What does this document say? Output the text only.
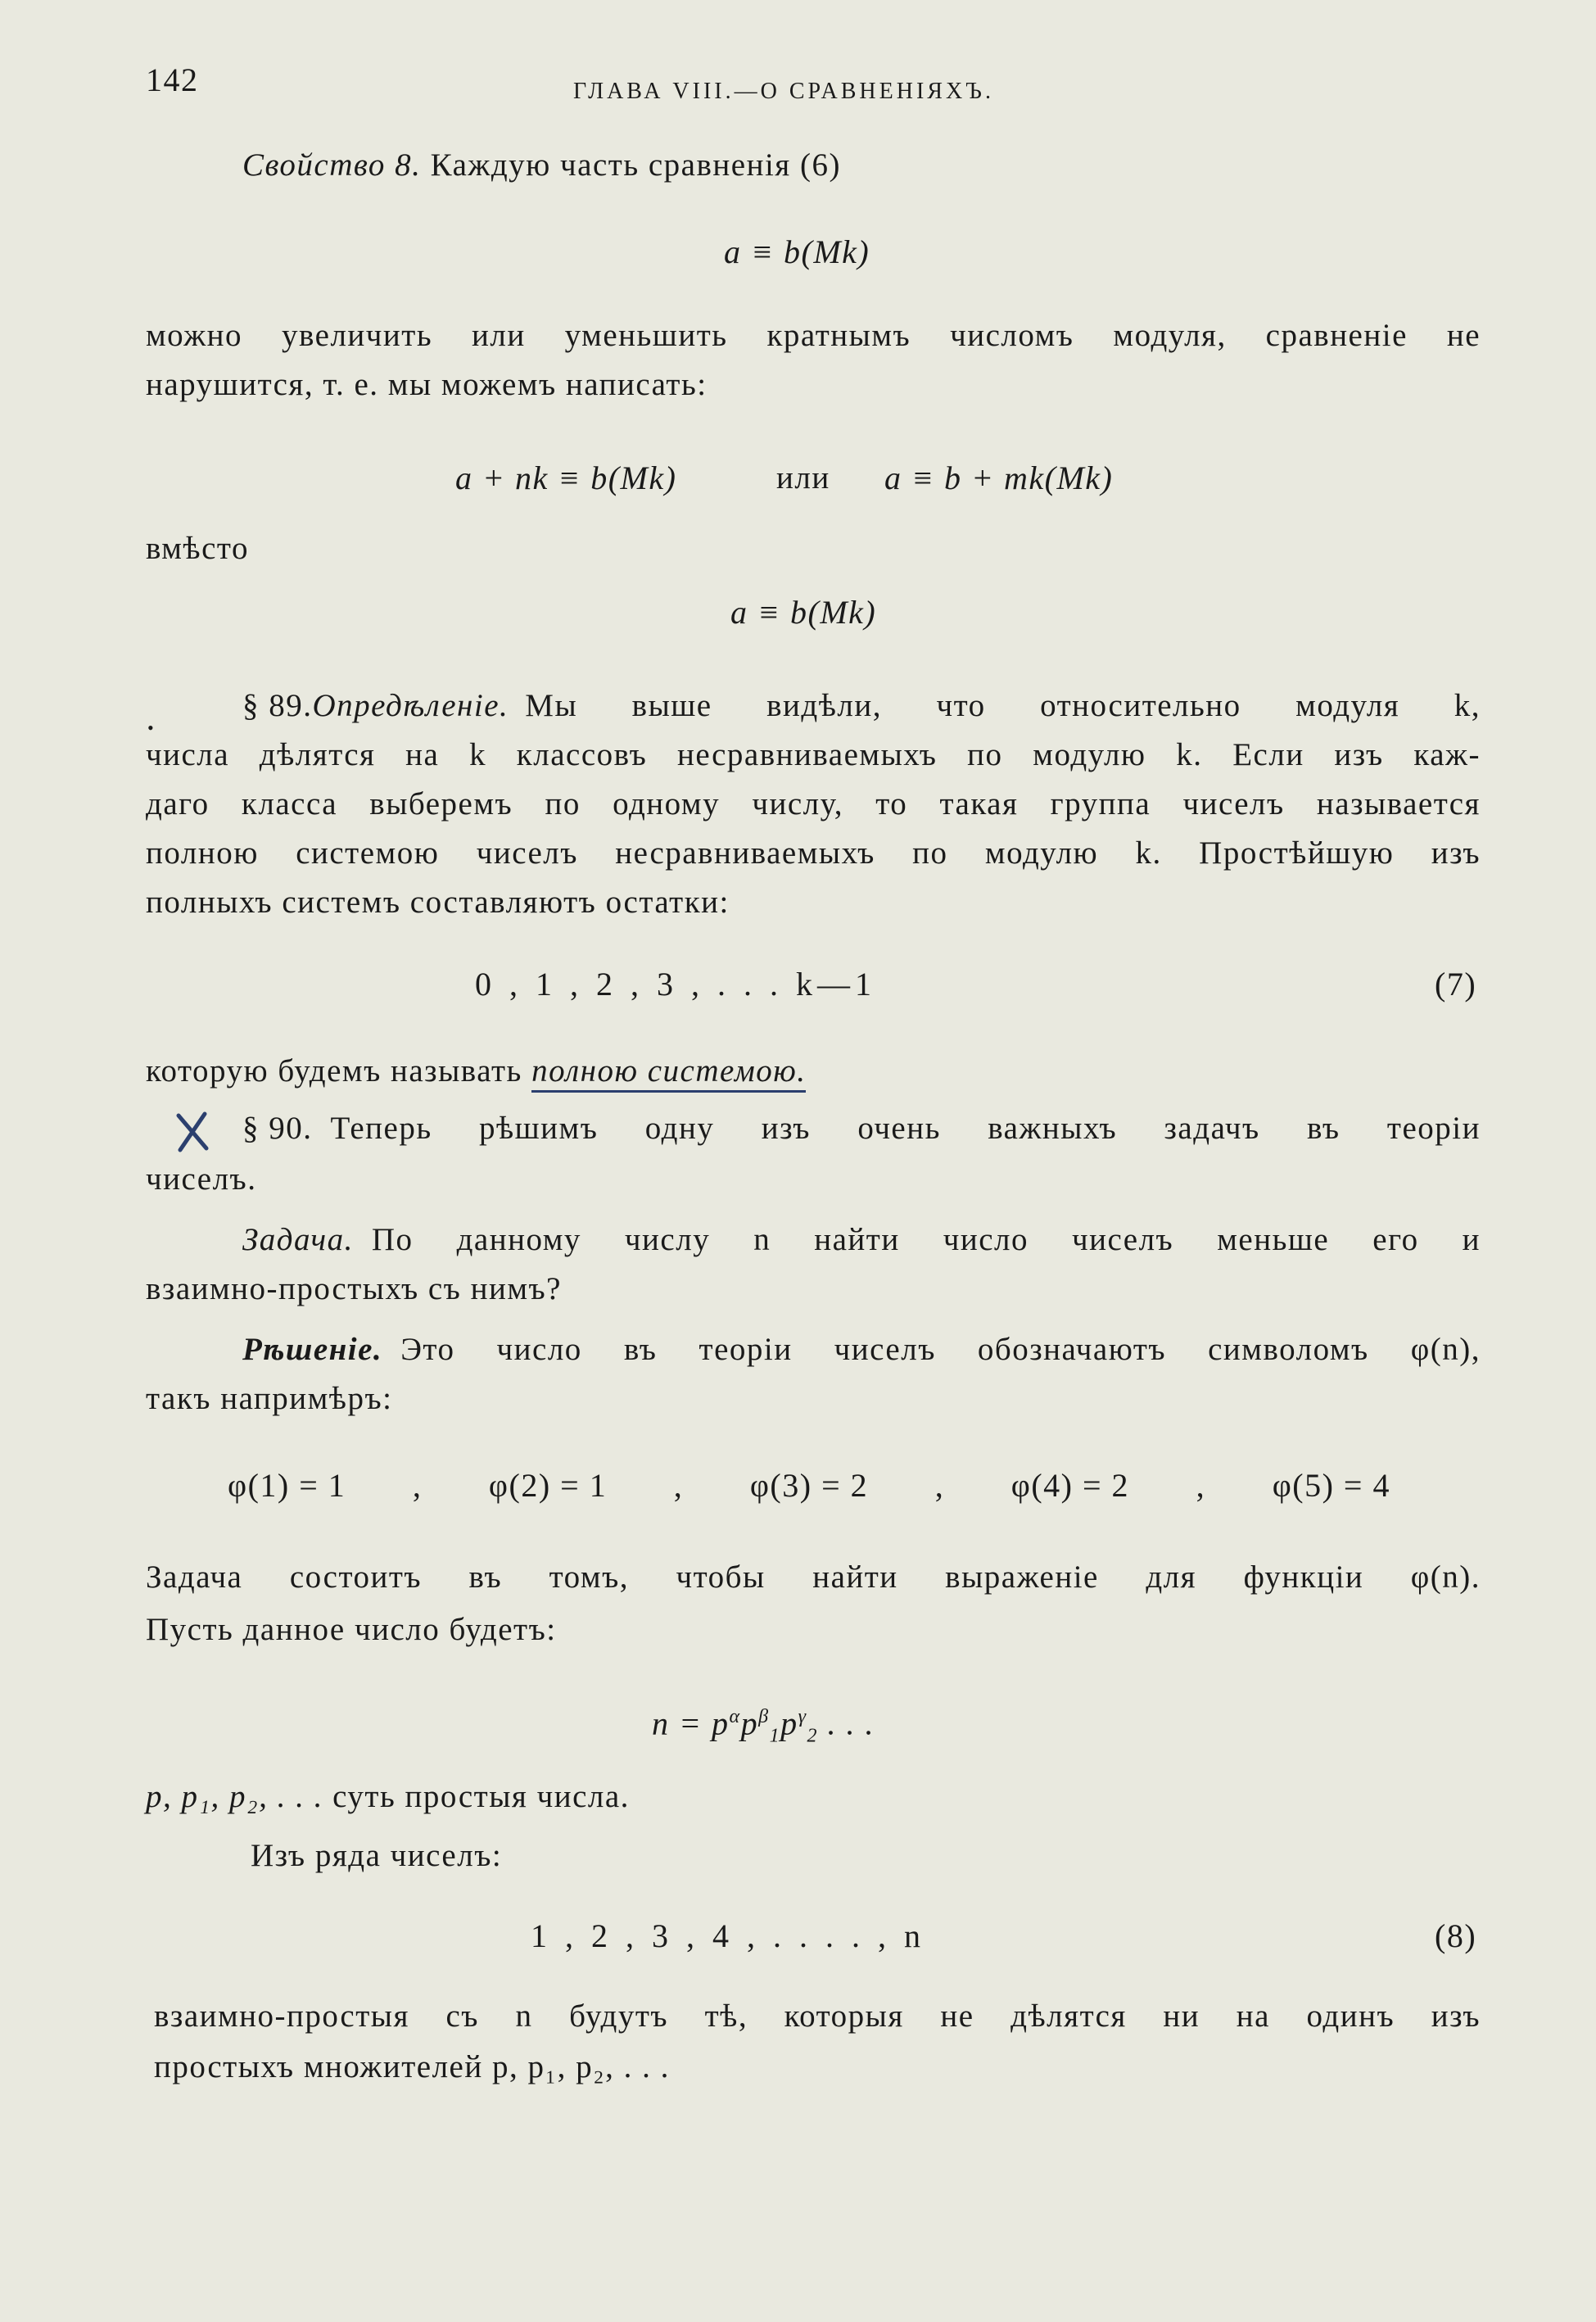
142	ГЛАВА VIII.—О СРАВНЕНІЯХЪ.
Свойство 8. Каждую часть сравненія (6)
a ≡ b(Mk)
можно увеличить или уменьшить кратнымъ числомъ модуля, сравненіе не
нарушится, т. е. мы можемъ написать:
a + nk ≡ b(Mk)	или a ≡ b + mk(Mk)
вмѣсто
a ≡ b(Mk)
•
§ 89. Опредѣленіе. Мы выше видѣли, что относительно модуля k,
числа дѣлятся на k классовъ несравниваемыхъ по модулю k. Если изъ каж-
даго класса выберемъ по одному числу, то такая группа чиселъ называется
полною системою чиселъ несравниваемыхъ по модулю k. Простѣйшую изъ
полныхъ системъ составляютъ остатки:
0 , 1 , 2 , 3 , . . . k—1	(7)
которую будемъ называть полною системою.
§ 90. Теперь рѣшимъ одну изъ очень важныхъ задачъ въ теоріи
чиселъ.
Задача. По данному числу n найти число чиселъ меньше его и
взаимно-простыхъ съ нимъ?
Рѣшеніе. Это число въ теоріи чиселъ обозначаютъ символомъ φ(n),
такъ напримѣръ:
φ(1) = 1 , φ(2) = 1 , φ(3) = 2 , φ(4) = 2 , φ(5) = 4
Задача состоитъ въ томъ, чтобы найти выраженіе для функціи φ(n).
Пусть данное число будетъ:
$n = p^\alpha p^\beta_1p^\gamma_2$ . . .
p, p₁, p₂, . . . суть простыя числа.
Изъ ряда чиселъ:
1 , 2 , 3 , 4 , . . . . , n	(8)
взаимно-простыя съ n будутъ тѣ, которыя не дѣлятся ни на одинъ изъ
простыхъ множителей p, p₁, p₂, . . .
